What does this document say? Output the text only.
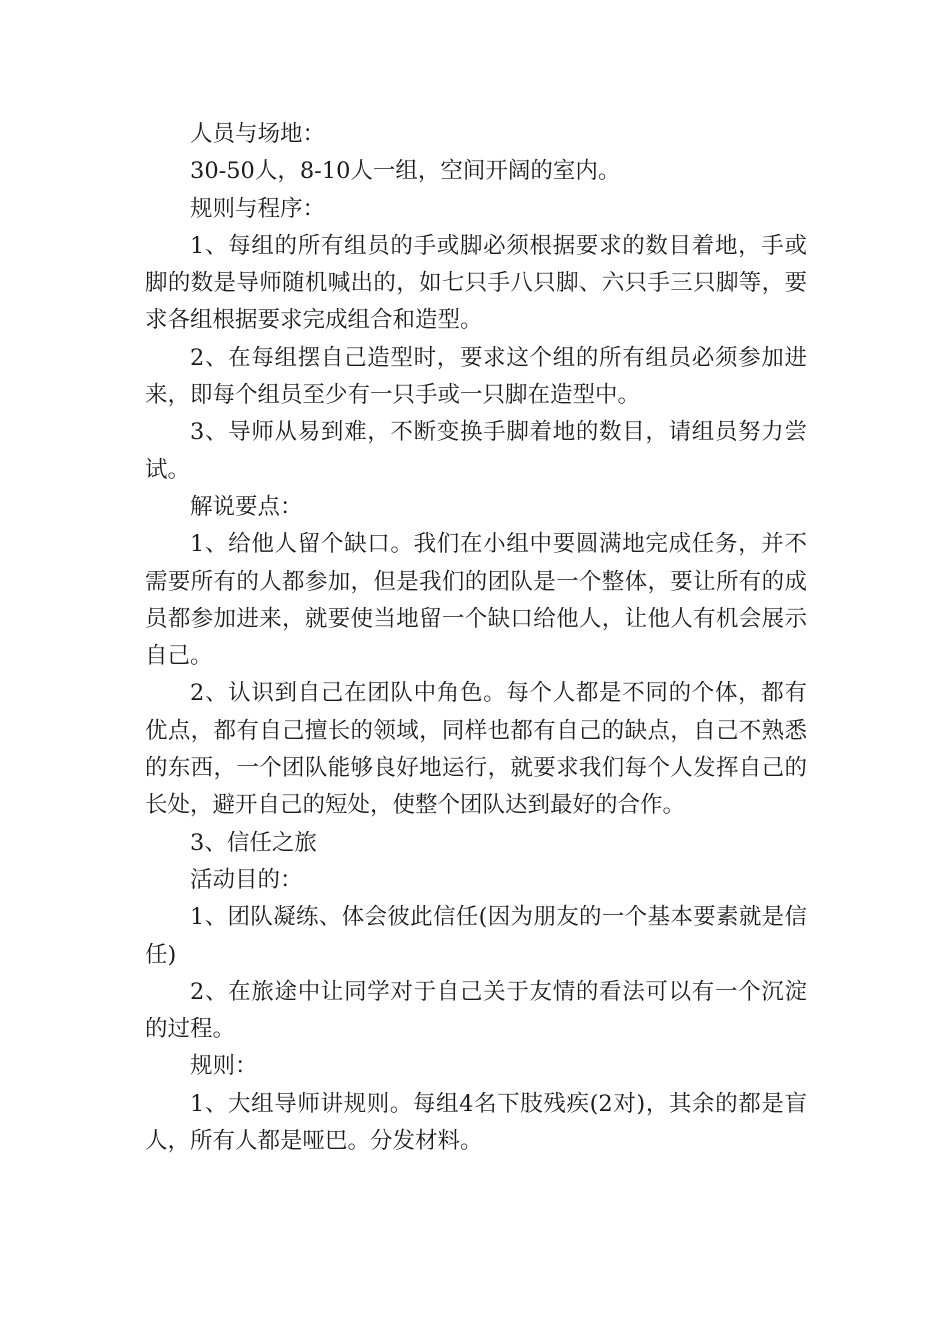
人员与场地：

30-50人，8-10人一组，空间开阔的室内。

规则与程序：

1、每组的所有组员的手或脚必须根据要求的数目着地，手或脚的数是导师随机喊出的，如七只手八只脚、六只手三只脚等，要求各组根据要求完成组合和造型。

2、在每组摆自己造型时，要求这个组的所有组员必须参加进来，即每个组员至少有一只手或一只脚在造型中。

3、导师从易到难，不断变换手脚着地的数目，请组员努力尝试。

解说要点：

1、给他人留个缺口。我们在小组中要圆满地完成任务，并不需要所有的人都参加，但是我们的团队是一个整体，要让所有的成员都参加进来，就要使当地留一个缺口给他人，让他人有机会展示自己。

2、认识到自己在团队中角色。每个人都是不同的个体，都有优点，都有自己擅长的领域，同样也都有自己的缺点，自己不熟悉的东西，一个团队能够良好地运行，就要求我们每个人发挥自己的长处，避开自己的短处，使整个团队达到最好的合作。

3、信任之旅

活动目的：

1、团队凝练、体会彼此信任(因为朋友的一个基本要素就是信任)

2、在旅途中让同学对于自己关于友情的看法可以有一个沉淀的过程。

规则：

1、大组导师讲规则。每组4名下肢残疾(2对)，其余的都是盲人，所有人都是哑巴。分发材料。
